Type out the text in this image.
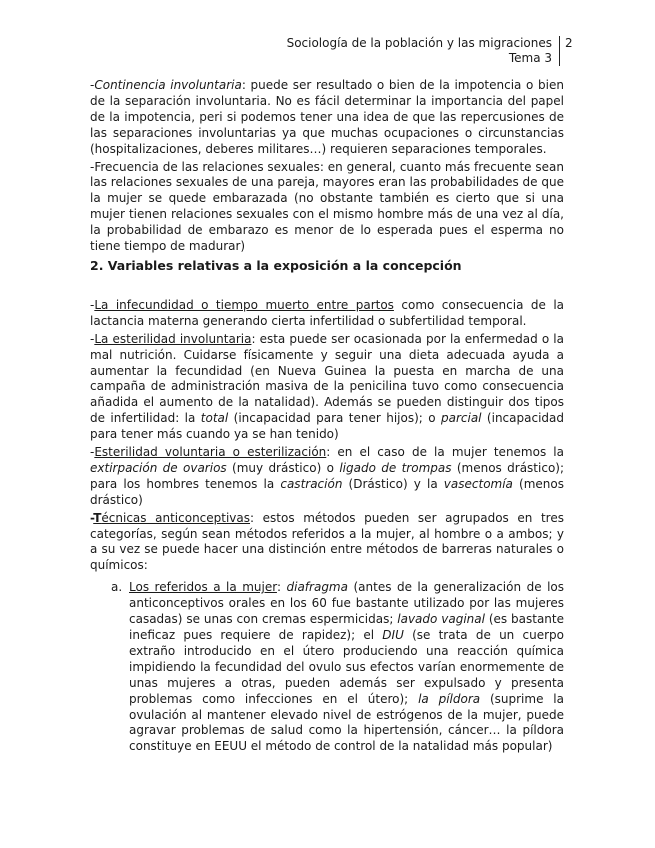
Sociología de la población y las migraciones
Tema 3
2

-Continencia involuntaria: puede ser resultado o bien de la impotencia o bien de la separación involuntaria. No es fácil determinar la importancia del papel de la impotencia, peri si podemos tener una idea de que las repercusiones de las separaciones involuntarias ya que muchas ocupaciones o circunstancias (hospitalizaciones, deberes militares…) requieren separaciones temporales.

-Frecuencia de las relaciones sexuales: en general, cuanto más frecuente sean las relaciones sexuales de una pareja, mayores eran las probabilidades de que la mujer se quede embarazada (no obstante también es cierto que si una mujer tienen relaciones sexuales con el mismo hombre más de una vez al día, la probabilidad de embarazo es menor de lo esperada pues el esperma no tiene tiempo de madurar)

2. Variables relativas a la exposición a la concepción

-La infecundidad o tiempo muerto entre partos como consecuencia de la lactancia materna generando cierta infertilidad o subfertilidad temporal.

-La esterilidad involuntaria: esta puede ser ocasionada por la enfermedad o la mal nutrición. Cuidarse físicamente y seguir una dieta adecuada ayuda a aumentar la fecundidad (en Nueva Guinea la puesta en marcha de una campaña de administración masiva de la penicilina tuvo como consecuencia añadida el aumento de la natalidad). Además se pueden distinguir dos tipos de infertilidad: la total (incapacidad para tener hijos); o parcial (incapacidad para tener más cuando ya se han tenido)

-Esterilidad voluntaria o esterilización: en el caso de la mujer tenemos la extirpación de ovarios (muy drástico) o ligado de trompas (menos drástico); para los hombres tenemos la castración (Drástico) y la vasectomía (menos drástico)

-Técnicas anticonceptivas: estos métodos pueden ser agrupados en tres categorías, según sean métodos referidos a la mujer, al hombre o a ambos; y a su vez se puede hacer una distinción entre métodos de barreras naturales o químicos:

a. Los referidos a la mujer: diafragma (antes de la generalización de los anticonceptivos orales en los 60 fue bastante utilizado por las mujeres casadas) se unas con cremas espermicidas; lavado vaginal (es bastante ineficaz pues requiere de rapidez); el DIU (se trata de un cuerpo extraño introducido en el útero produciendo una reacción química impidiendo la fecundidad del ovulo sus efectos varían enormemente de unas mujeres a otras, pueden además ser expulsado y presenta problemas como infecciones en el útero); la píldora (suprime la ovulación al mantener elevado nivel de estrógenos de la mujer, puede agravar problemas de salud como la hipertensión, cáncer… la píldora constituye en EEUU el método de control de la natalidad más popular)
